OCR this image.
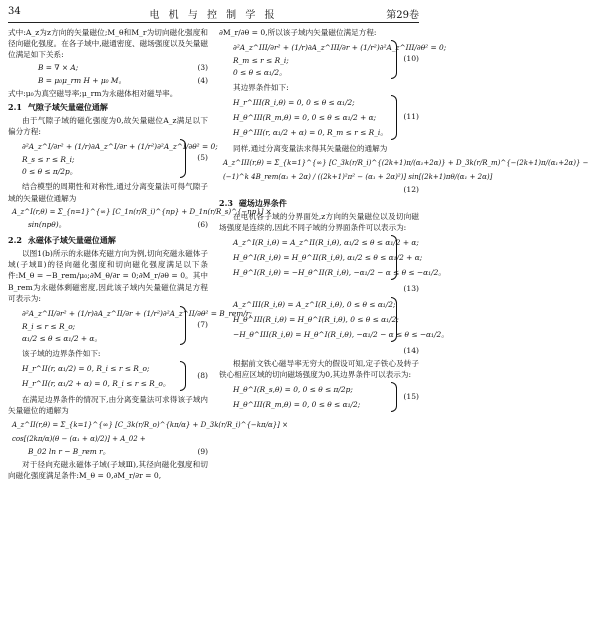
34	电 机 与 控 制 学 报	第29卷

式中:A_z为z方向的矢量磁位;M_θ和M_r为切向磁化强度和径向磁化强度。在各子域中,磁通密度、磁场强度以及矢量磁位满足如下关系:

B = ∇ × A;	(3)
B = μ₀μ_rm H + μ₀ M。	(4)

式中:μ₀为真空磁导率;μ_rm为永磁体相对磁导率。

2.1 气隙子域矢量磁位通解

由于气隙子域的磁化强度为0,故矢量磁位A_z满足以下偏分方程:

∂²A_z^I/∂r² + (1/r)∂A_z^I/∂r + (1/r²)∂²A_z^I/∂θ² = 0;
R_s ≤ r ≤ R_i;
0 ≤ θ ≤ π/2p。
(5)

结合模型的周期性和对称性,通过分离变量法可得气隙子域的矢量磁位通解为

A_z^I(r,θ) = Σ_{n=1}^{∞} [C_1n(r/R_i)^{np} + D_1n(r/R_s)^{−np}] ×
sin(npθ)。	(6)
2.2 永磁体子域矢量磁位通解

以图1(b)所示的永磁体充磁方向为例,切向充磁永磁体子域(子域Ⅱ)的径向磁化强度和切向磁化强度满足以下条件:M_θ = −B_rem/μ₀;∂M_θ/∂r = 0;∂M_r/∂θ = 0。其中B_rem为永磁体剩磁密度,因此该子域内矢量磁位满足方程可表示为:

∂²A_z^II/∂r² + (1/r)∂A_z^II/∂r + (1/r²)∂²A_z^II/∂θ² = B_rem/r;
R_i ≤ r ≤ R_o;
α₁/2 ≤ θ ≤ α₁/2 + α。
(7)

该子域的边界条件如下:

H_r^II(r, α₁/2) = 0, R_i ≤ r ≤ R_o;
H_r^II(r, α₁/2 + α) = 0, R_i ≤ r ≤ R_o。
(8)

在满足边界条件的情况下,由分离变量法可求得该子域内矢量磁位的通解为

A_z^II(r,θ) = Σ_{k=1}^{∞} [C_3k(r/R_o)^{kπ/α} + D_3k(r/R_i)^{−kπ/α}] ×
cos[(2kπ/α)(θ − (α₁ + α)/2)] + A_02 +
B_02 ln r − B_rem r。	(9)

对于径向充磁永磁体子域(子域Ⅲ),其径向磁化强度和切向磁化强度满足条件:M_θ = 0,∂M_r/∂r = 0,

∂M_r/∂θ = 0,所以该子域内矢量磁位满足方程:

∂²A_z^III/∂r² + (1/r)∂A_z^III/∂r + (1/r²)∂²A_z^III/∂θ² = 0;
R_m ≤ r ≤ R_i;
0 ≤ θ ≤ α₁/2。
(10)

其边界条件如下:

H_r^III(R_i,θ) = 0, 0 ≤ θ ≤ α₁/2;
H_θ^III(R_m,θ) = 0, 0 ≤ θ ≤ α₁/2 + α;
H_θ^III(r, α₁/2 + α) = 0, R_m ≤ r ≤ R_i。
(11)

同样,通过分离变量法求得其矢量磁位的通解为

A_z^III(r,θ) = Σ_{k=1}^{∞} [C_3k(r/R_i)^{(2k+1)π/(α₁+2α)} + D_3k(r/R_m)^{−(2k+1)π/(α₁+2α)} −
(−1)^k 4B_rem(α₁ + 2α) / ((2k+1)²π² − (α₁ + 2α)²)] sin[(2k+1)πθ/(α₁ + 2α)]
(12)
2.3 磁场边界条件

在电机各子域的分界面处,z方向的矢量磁位以及切向磁场强度是连续的,因此不同子域的分界面条件可以表示为:

A_z^I(R_i,θ) = A_z^II(R_i,θ), α₁/2 ≤ θ ≤ α₁/2 + α;
H_θ^I(R_i,θ) = H_θ^II(R_i,θ), α₁/2 ≤ θ ≤ α₁/2 + α;
H_θ^I(R_i,θ) = −H_θ^II(R_i,θ), −α₁/2 − α ≤ θ ≤ −α₁/2。
(13)
A_z^III(R_i,θ) = A_z^I(R_i,θ), 0 ≤ θ ≤ α₁/2;
H_θ^III(R_i,θ) = H_θ^I(R_i,θ), 0 ≤ θ ≤ α₁/2;
−H_θ^III(R_i,θ) = H_θ^I(R_i,θ), −α₁/2 − α ≤ θ ≤ −α₁/2。
(14)

根据前文铁心磁导率无穷大的假设可知,定子铁心及转子铁心相应区域的切向磁场强度为0,其边界条件可以表示为:

H_θ^I(R_s,θ) = 0, 0 ≤ θ ≤ π/2p;
H_θ^III(R_m,θ) = 0, 0 ≤ θ ≤ α₁/2;
(15)
